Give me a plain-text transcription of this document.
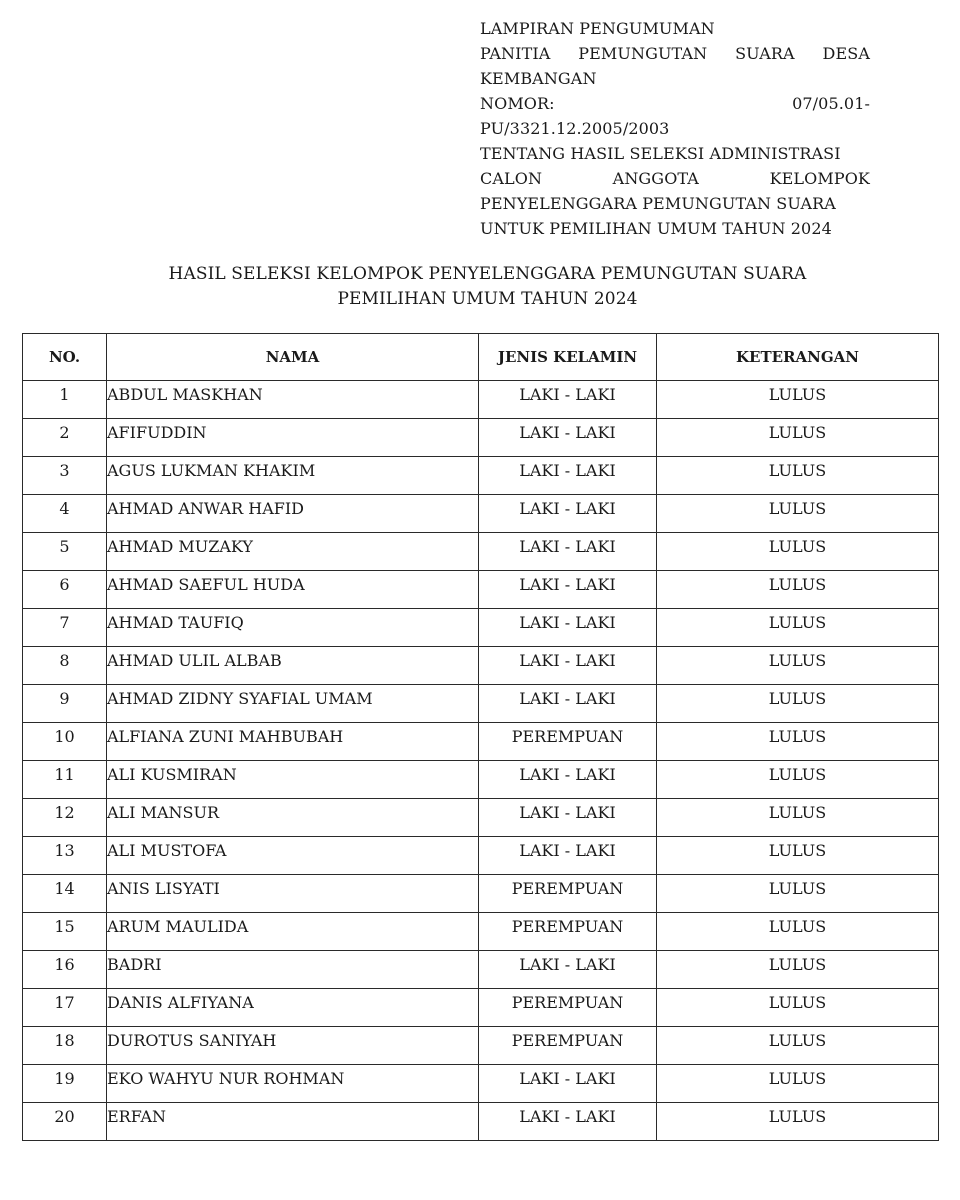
LAMPIRAN PENGUMUMAN
PANITIA PEMUNGUTAN SUARA DESA
KEMBANGAN
NOMOR:	07/05.01-
PU/3321.12.2005/2003
TENTANG HASIL SELEKSI ADMINISTRASI
CALON	ANGGOTA	KELOMPOK
PENYELENGGARA PEMUNGUTAN SUARA
UNTUK PEMILIHAN UMUM TAHUN 2024
HASIL SELEKSI KELOMPOK PENYELENGGARA PEMUNGUTAN SUARA
PEMILIHAN UMUM TAHUN 2024
NO.	NAMA	JENIS KELAMIN	KETERANGAN
1	ABDUL MASKHAN	LAKI - LAKI	LULUS
2	AFIFUDDIN	LAKI - LAKI	LULUS
3	AGUS LUKMAN KHAKIM	LAKI - LAKI	LULUS
4	AHMAD ANWAR HAFID	LAKI - LAKI	LULUS
5	AHMAD MUZAKY	LAKI - LAKI	LULUS
6	AHMAD SAEFUL HUDA	LAKI - LAKI	LULUS
7	AHMAD TAUFIQ	LAKI - LAKI	LULUS
8	AHMAD ULIL ALBAB	LAKI - LAKI	LULUS
9	AHMAD ZIDNY SYAFIAL UMAM	LAKI - LAKI	LULUS
10	ALFIANA ZUNI MAHBUBAH	PEREMPUAN	LULUS
11	ALI KUSMIRAN	LAKI - LAKI	LULUS
12	ALI MANSUR	LAKI - LAKI	LULUS
13	ALI MUSTOFA	LAKI - LAKI	LULUS
14	ANIS LISYATI	PEREMPUAN	LULUS
15	ARUM MAULIDA	PEREMPUAN	LULUS
16	BADRI	LAKI - LAKI	LULUS
17	DANIS ALFIYANA	PEREMPUAN	LULUS
18	DUROTUS SANIYAH	PEREMPUAN	LULUS
19	EKO WAHYU NUR ROHMAN	LAKI - LAKI	LULUS
20	ERFAN	LAKI - LAKI	LULUS
